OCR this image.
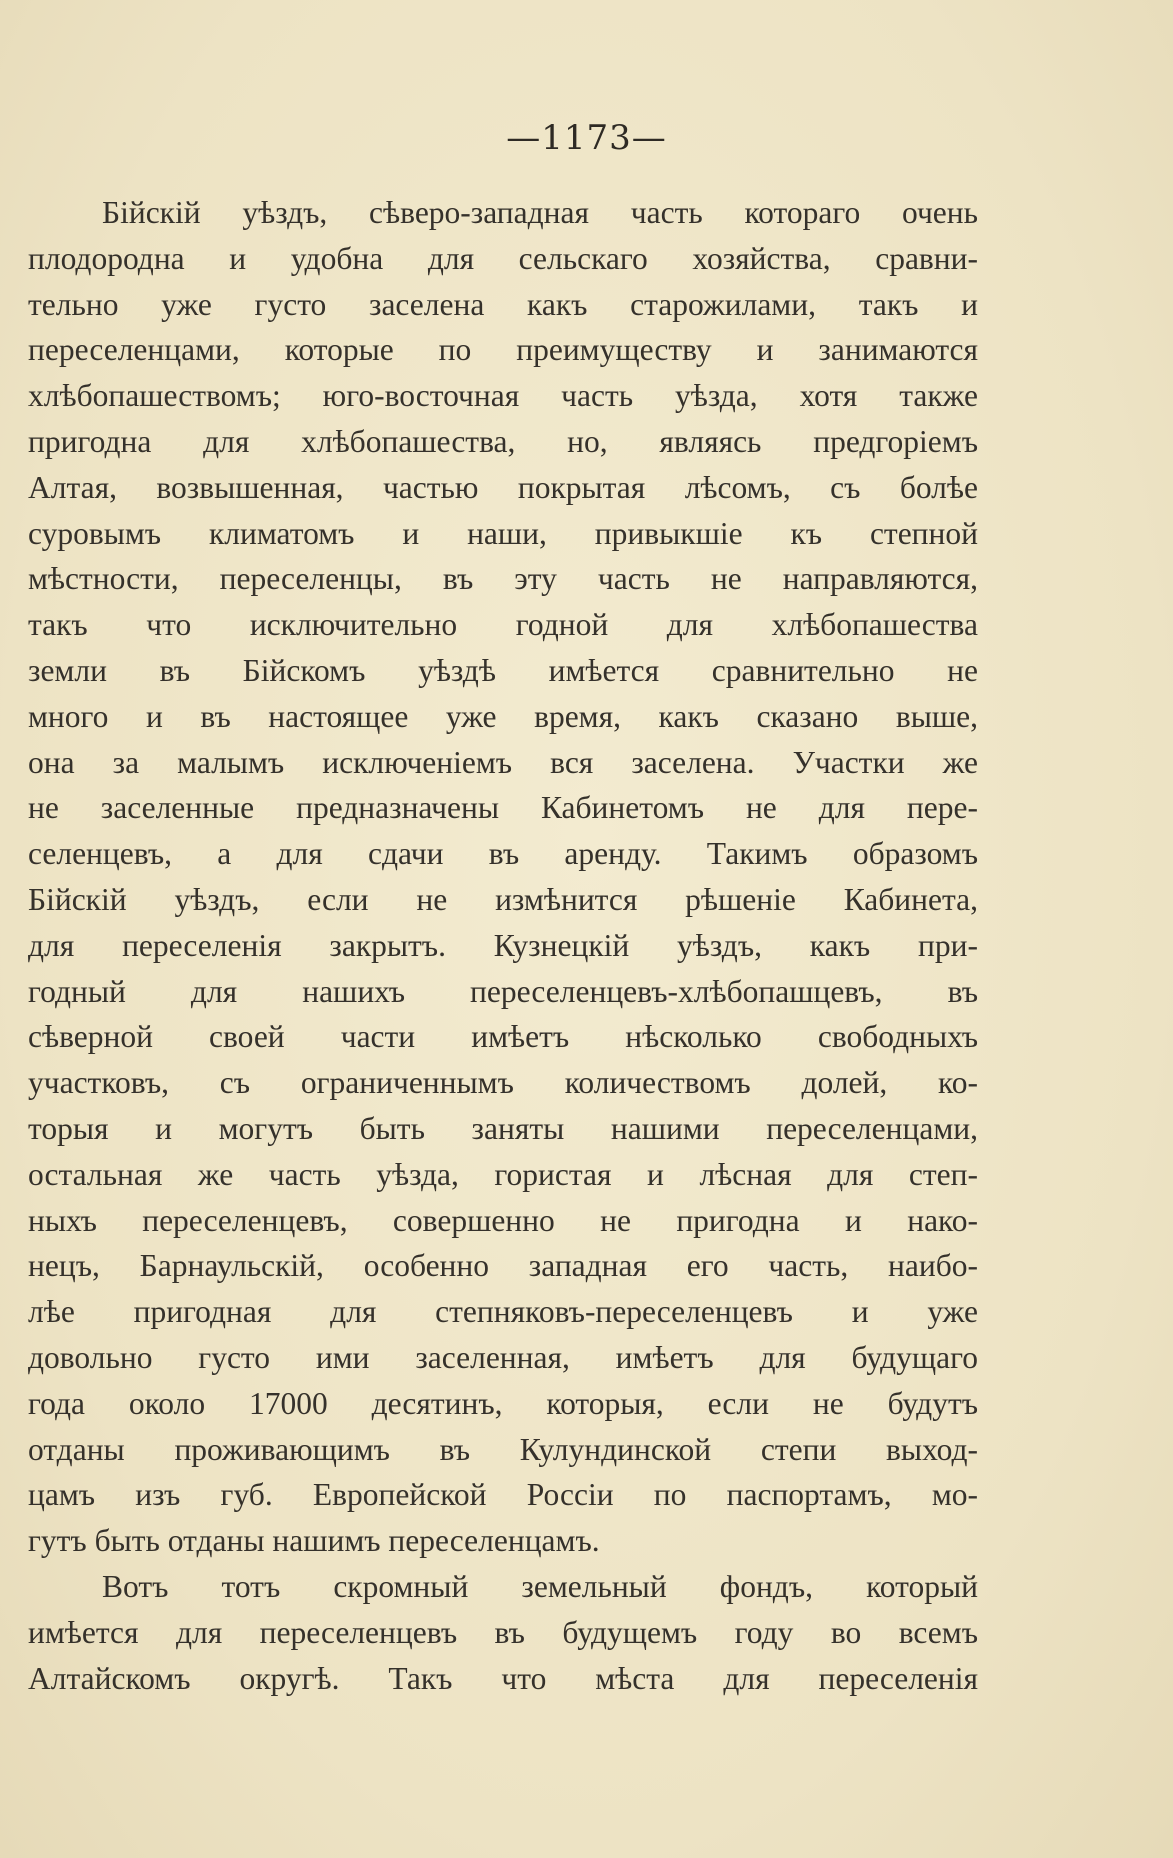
—1173—
Бійскій уѣздъ, сѣверо-западная часть котораго очень
плодородна и удобна для сельскаго хозяйства, сравни-
тельно уже густо заселена какъ старожилами, такъ и
переселенцами, которые по преимуществу и занимаются
хлѣбопашествомъ; юго-восточная часть уѣзда, хотя также
пригодна для хлѣбопашества, но, являясь предгоріемъ
Алтая, возвышенная, частью покрытая лѣсомъ, съ болѣе
суровымъ климатомъ и наши, привыкшіе къ степной
мѣстности, переселенцы, въ эту часть не направляются,
такъ что исключительно годной для хлѣбопашества
земли въ Бійскомъ уѣздѣ имѣется сравнительно не
много и въ настоящее уже время, какъ сказано выше,
она за малымъ исключеніемъ вся заселена. Участки же
не заселенные предназначены Кабинетомъ не для пере-
селенцевъ, а для сдачи въ аренду. Такимъ образомъ
Бійскій уѣздъ, если не измѣнится рѣшеніе Кабинета,
для переселенія закрытъ. Кузнецкій уѣздъ, какъ при-
годный для нашихъ переселенцевъ-хлѣбопашцевъ, въ
сѣверной своей части имѣетъ нѣсколько свободныхъ
участковъ, съ ограниченнымъ количествомъ долей, ко-
торыя и могутъ быть заняты нашими переселенцами,
остальная же часть уѣзда, гористая и лѣсная для степ-
ныхъ переселенцевъ, совершенно не пригодна и нако-
нецъ, Барнаульскій, особенно западная его часть, наибо-
лѣе пригодная для степняковъ-переселенцевъ и уже
довольно густо ими заселенная, имѣетъ для будущаго
года около 17000 десятинъ, которыя, если не будутъ
отданы проживающимъ въ Кулундинской степи выход-
цамъ изъ губ. Европейской Россіи по паспортамъ, мо-
гутъ быть отданы нашимъ переселенцамъ.
Вотъ тотъ скромный земельный фондъ, который
имѣется для переселенцевъ въ будущемъ году во всемъ
Алтайскомъ округѣ. Такъ что мѣста для переселенія
